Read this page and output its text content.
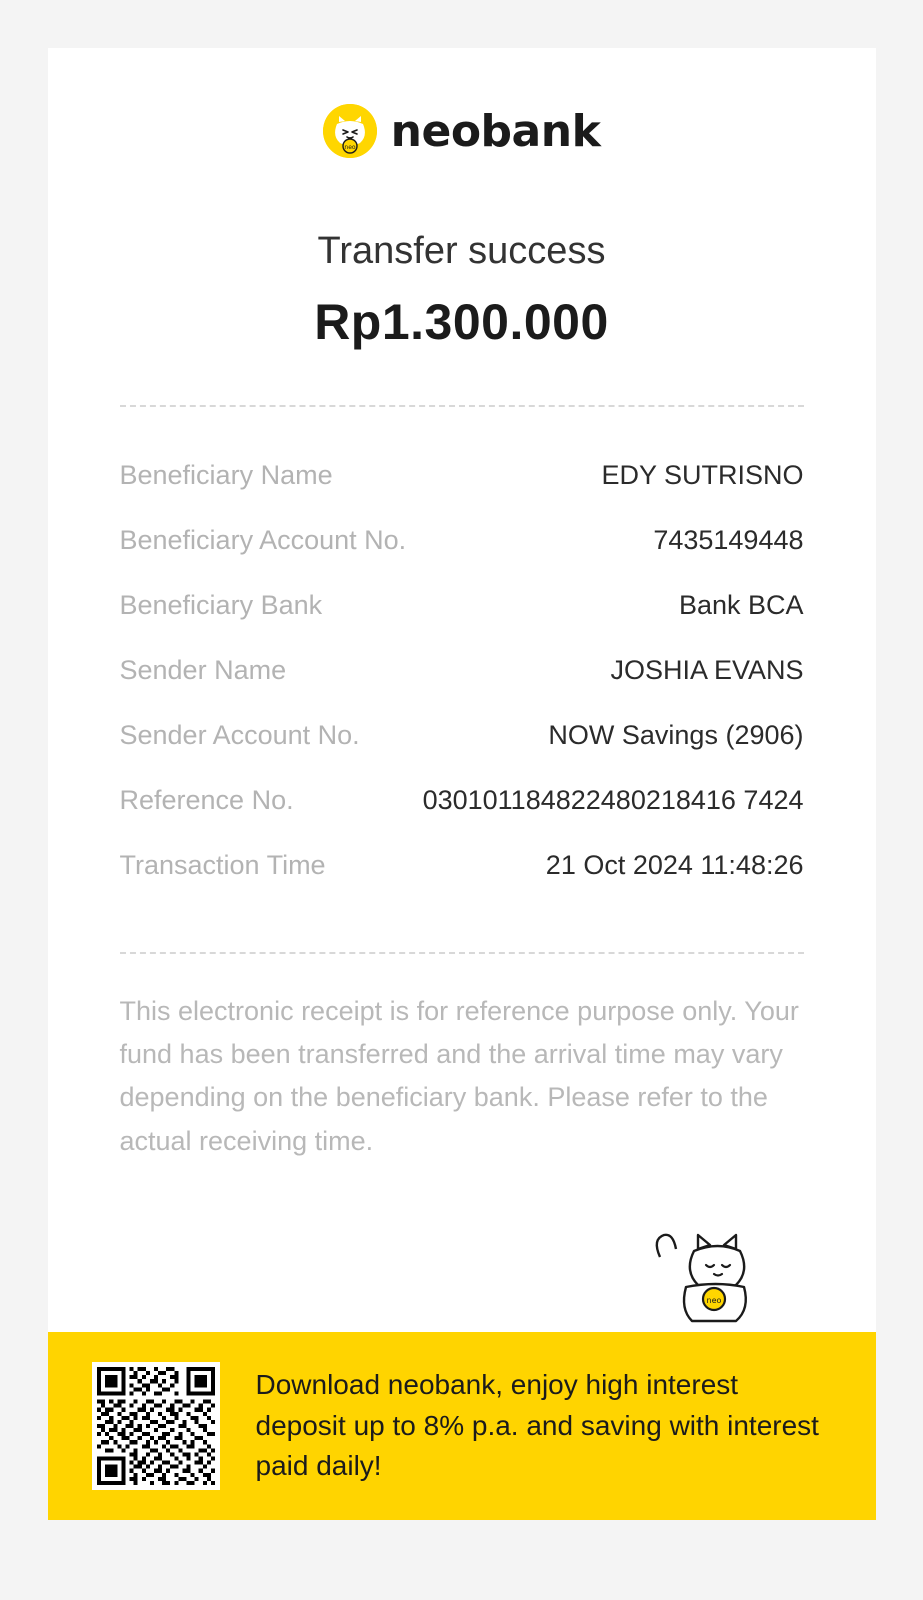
neo neobank
Transfer success
Rp1.300.000
Beneficiary Name	EDY SUTRISNO
Beneficiary Account No.	7435149448
Beneficiary Bank	Bank BCA
Sender Name	JOSHIA EVANS
Sender Account No.	NOW Savings (2906)
Reference No.	030101184822480218416 7424
Transaction Time	21 Oct 2024 11:48:26
This electronic receipt is for reference purpose only. Your fund has been transferred and the arrival time may vary depending on the beneficiary bank. Please refer to the actual receiving time.
neo
Download neobank, enjoy high interest deposit up to 8% p.a. and saving with interest paid daily!
